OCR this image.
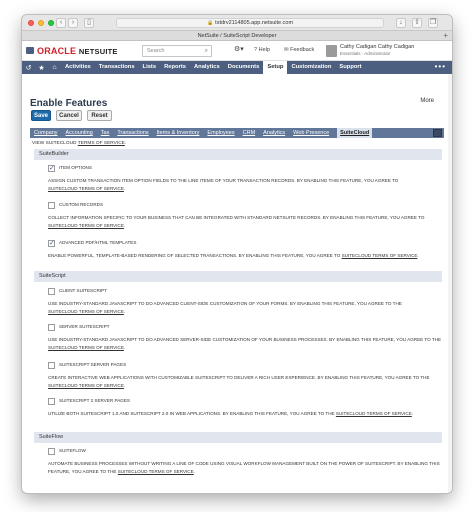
‹	›	▯	🔒 tstdrv2114805.app.netsuite.com	↓	⇧ ❐
NetSuite / SuiteScript Developer	+
ORACLE NETSUITE	Search	⌕	⚙▾ ? Help	✉ Feedback	Cathy Cadigan Cathy Cadigan
Essentials - Administrator
↺ ★	⌂	Activities	Transactions	Lists	Reports	Analytics	Documents	Setup	Customization	Support	•••
Enable Features	More
Save	Cancel	Reset
Company Accounting Tax Transactions Items & Inventory Employees CRM Analytics Web Presence	SuiteCloud
VIEW SUITECLOUD TERMS OF SERVICE.
SuiteBuilder
✓ ITEM OPTIONS
ASSIGN CUSTOM TRANSACTION ITEM OPTION FIELDS TO THE LINE ITEMS OF YOUR TRANSACTION RECORDS. BY ENABLING THIS FEATURE, YOU AGREE TO
SUITECLOUD TERMS OF SERVICE.
CUSTOM RECORDS
COLLECT INFORMATION SPECIFIC TO YOUR BUSINESS THAT CAN BE INTEGRATED WITH STANDARD NETSUITE RECORDS. BY ENABLING THIS FEATURE, YOU AGREE TO
SUITECLOUD TERMS OF SERVICE.
✓ ADVANCED PDF/HTML TEMPLATES
ENABLE POWERFUL, TEMPLATE-BASED RENDERING OF SELECTED TRANSACTIONS. BY ENABLING THIS FEATURE, YOU AGREE TO SUITECLOUD TERMS OF SERVICE.
SuiteScript
CLIENT SUITESCRIPT
USE INDUSTRY-STANDARD JAVASCRIPT TO DO ADVANCED CLIENT-SIDE CUSTOMIZATION OF YOUR FORMS. BY ENABLING THIS FEATURE, YOU AGREE TO THE
SUITECLOUD TERMS OF SERVICE.
SERVER SUITESCRIPT
USE INDUSTRY-STANDARD JAVASCRIPT TO DO ADVANCED SERVER-SIDE CUSTOMIZATION OF YOUR BUSINESS PROCESSES. BY ENABLING THIS FEATURE, YOU AGREE TO THE
SUITECLOUD TERMS OF SERVICE.
SUITESCRIPT SERVER PAGES
CREATE INTERACTIVE WEB APPLICATIONS WITH CUSTOMIZABLE SUITESCRIPT TO DELIVER A RICH USER EXPERIENCE. BY ENABLING THIS FEATURE, YOU AGREE TO THE
SUITECLOUD TERMS OF SERVICE.
SUITESCRIPT 2 SERVER PAGES
UTILIZE BOTH SUITESCRIPT 1.0 AND SUITESCRIPT 2.0 IN WEB APPLICATIONS. BY ENABLING THIS FEATURE, YOU AGREE TO THE SUITECLOUD TERMS OF SERVICE.
SuiteFlow
SUITEFLOW
AUTOMATE BUSINESS PROCESSES WITHOUT WRITING A LINE OF CODE USING VISUAL WORKFLOW MANAGEMENT BUILT ON THE POWER OF SUITESCRIPT. BY ENABLING THIS FEATURE, YOU AGREE TO THE SUITECLOUD TERMS OF SERVICE.
